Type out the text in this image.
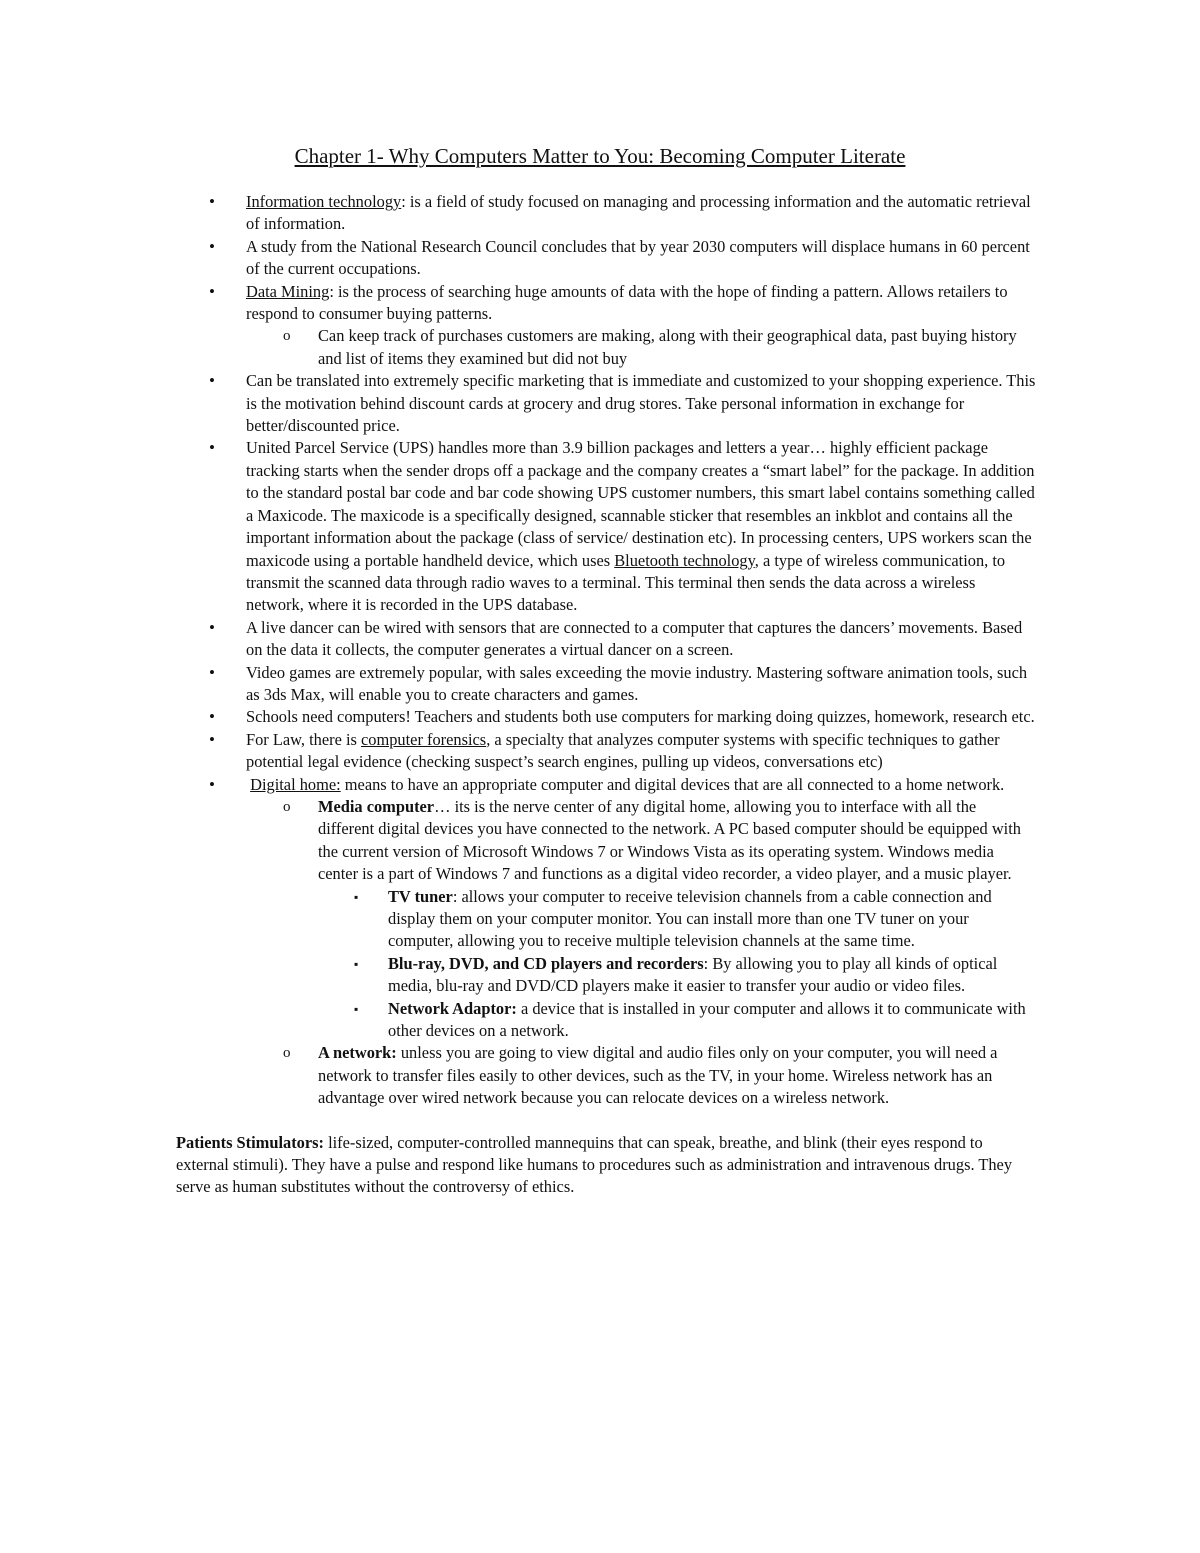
Chapter 1- Why Computers Matter to You: Becoming Computer Literate
• Information technology: is a field of study focused on managing and processing information and the automatic retrieval of information.
• A study from the National Research Council concludes that by year 2030 computers will displace humans in 60 percent of the current occupations.
• Data Mining: is the process of searching huge amounts of data with the hope of finding a pattern. Allows retailers to respond to consumer buying patterns.
o Can keep track of purchases customers are making, along with their geographical data, past buying history and list of items they examined but did not buy
• Can be translated into extremely specific marketing that is immediate and customized to your shopping experience. This is the motivation behind discount cards at grocery and drug stores. Take personal information in exchange for better/discounted price.
• United Parcel Service (UPS) handles more than 3.9 billion packages and letters a year… highly efficient package tracking starts when the sender drops off a package and the company creates a “smart label” for the package. In addition to the standard postal bar code and bar code showing UPS customer numbers, this smart label contains something called a Maxicode. The maxicode is a specifically designed, scannable sticker that resembles an inkblot and contains all the important information about the package (class of service/ destination etc). In processing centers, UPS workers scan the maxicode using a portable handheld device, which uses Bluetooth technology, a type of wireless communication, to transmit the scanned data through radio waves to a terminal. This terminal then sends the data across a wireless network, where it is recorded in the UPS database.
• A live dancer can be wired with sensors that are connected to a computer that captures the dancers’ movements. Based on the data it collects, the computer generates a virtual dancer on a screen.
• Video games are extremely popular, with sales exceeding the movie industry. Mastering software animation tools, such as 3ds Max, will enable you to create characters and games.
• Schools need computers! Teachers and students both use computers for marking doing quizzes, homework, research etc.
• For Law, there is computer forensics, a specialty that analyzes computer systems with specific techniques to gather potential legal evidence (checking suspect’s search engines, pulling up videos, conversations etc)
• Digital home: means to have an appropriate computer and digital devices that are all connected to a home network.
o Media computer… its is the nerve center of any digital home, allowing you to interface with all the different digital devices you have connected to the network. A PC based computer should be equipped with the current version of Microsoft Windows 7 or Windows Vista as its operating system. Windows media center is a part of Windows 7 and functions as a digital video recorder, a video player, and a music player.
▪ TV tuner: allows your computer to receive television channels from a cable connection and display them on your computer monitor. You can install more than one TV tuner on your computer, allowing you to receive multiple television channels at the same time.
▪ Blu-ray, DVD, and CD players and recorders: By allowing you to play all kinds of optical media, blu-ray and DVD/CD players make it easier to transfer your audio or video files.
▪ Network Adaptor: a device that is installed in your computer and allows it to communicate with other devices on a network.
o A network: unless you are going to view digital and audio files only on your computer, you will need a network to transfer files easily to other devices, such as the TV, in your home. Wireless network has an advantage over wired network because you can relocate devices on a wireless network.

Patients Stimulators: life-sized, computer-controlled mannequins that can speak, breathe, and blink (their eyes respond to external stimuli). They have a pulse and respond like humans to procedures such as administration and intravenous drugs. They serve as human substitutes without the controversy of ethics.
